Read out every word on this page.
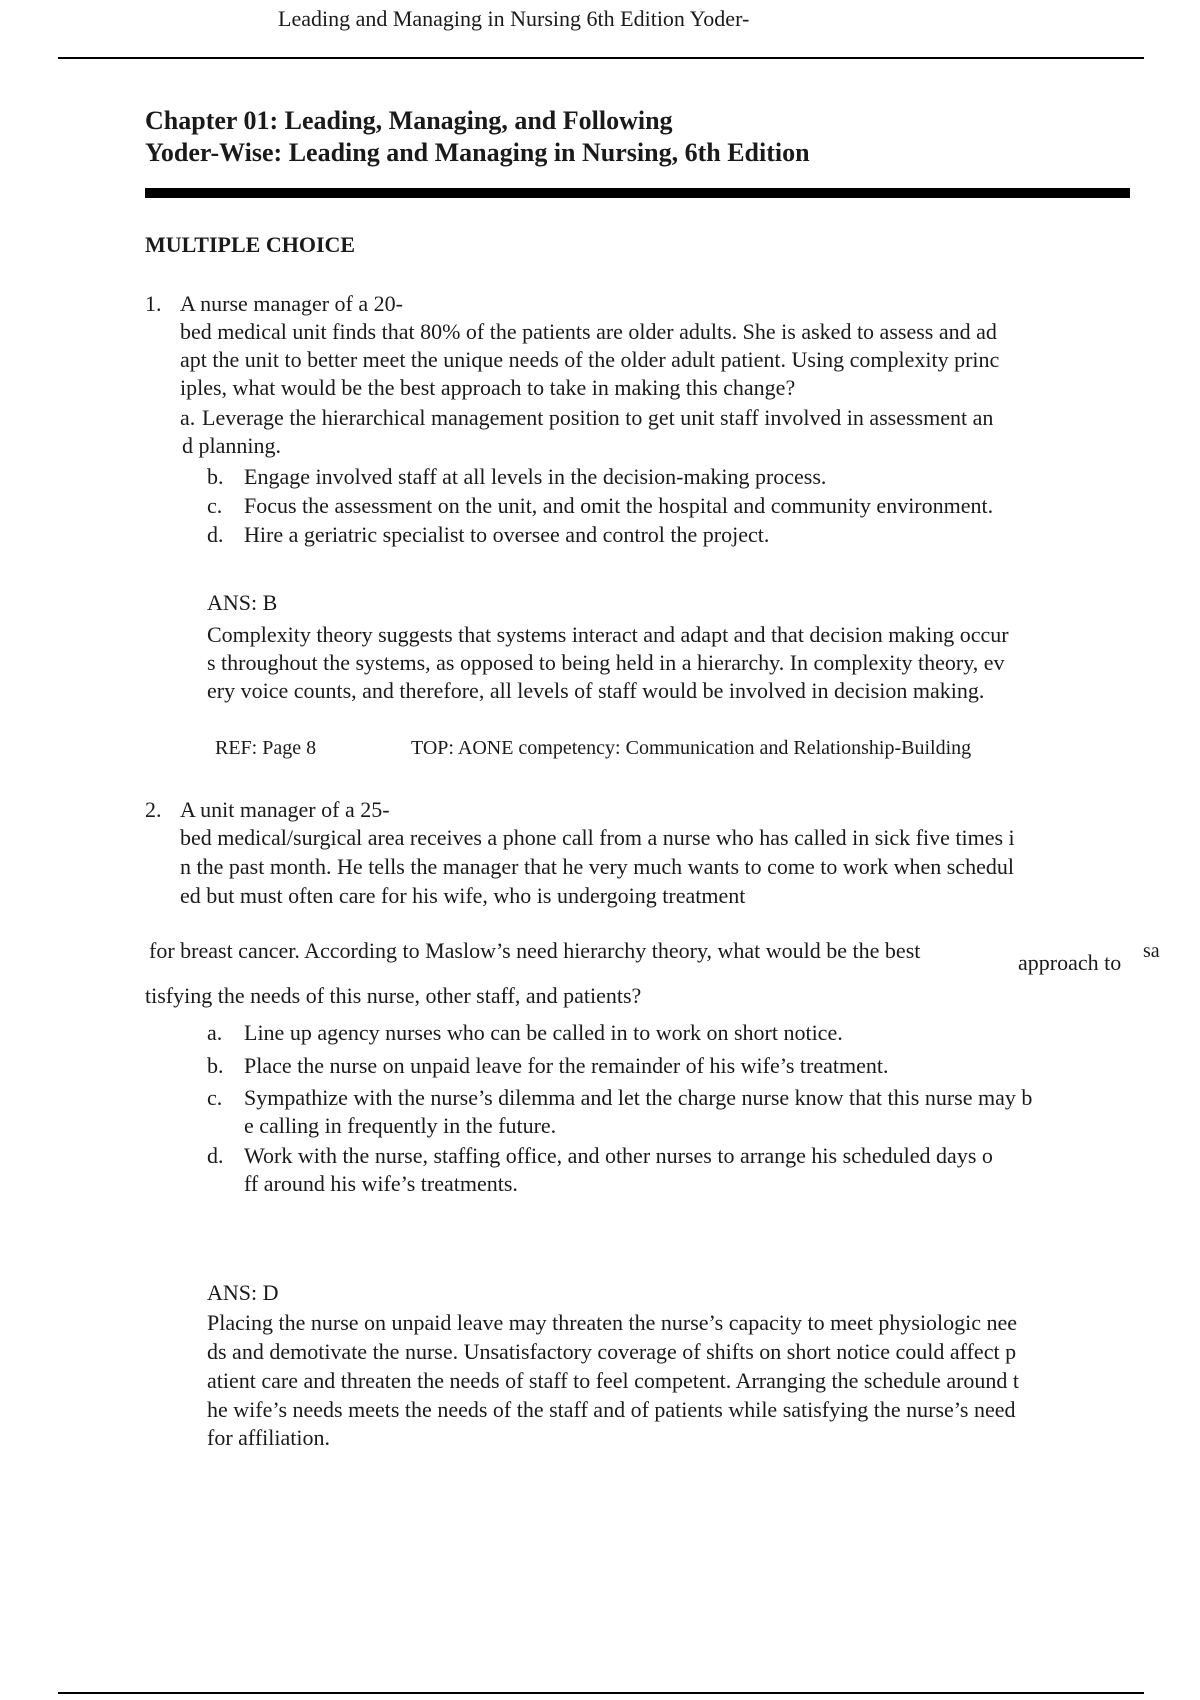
Leading and Managing in Nursing 6th Edition Yoder-
Chapter 01: Leading, Managing, and Following
Yoder-Wise: Leading and Managing in Nursing, 6th Edition
MULTIPLE CHOICE
1. A nurse manager of a 20-
bed medical unit finds that 80% of the patients are older adults. She is asked to assess and ad
apt the unit to better meet the unique needs of the older adult patient. Using complexity princ
iples, what would be the best approach to take in making this change?
a. Leverage the hierarchical management position to get unit staff involved in assessment an
d planning.
b. Engage involved staff at all levels in the decision-making process.
c. Focus the assessment on the unit, and omit the hospital and community environment.
d. Hire a geriatric specialist to oversee and control the project.
ANS: B
Complexity theory suggests that systems interact and adapt and that decision making occur
s throughout the systems, as opposed to being held in a hierarchy. In complexity theory, ev
ery voice counts, and therefore, all levels of staff would be involved in decision making.
REF: Page 8	TOP: AONE competency: Communication and Relationship-Building
2. A unit manager of a 25-
bed medical/surgical area receives a phone call from a nurse who has called in sick five times i
n the past month. He tells the manager that he very much wants to come to work when schedul
ed but must often care for his wife, who is undergoing treatment
for breast cancer. According to Maslow’s need hierarchy theory, what would be the best	approach to sa
tisfying the needs of this nurse, other staff, and patients?
a. Line up agency nurses who can be called in to work on short notice.
b. Place the nurse on unpaid leave for the remainder of his wife’s treatment.
c. Sympathize with the nurse’s dilemma and let the charge nurse know that this nurse may b
e calling in frequently in the future.
d. Work with the nurse, staffing office, and other nurses to arrange his scheduled days o
ff around his wife’s treatments.
ANS: D
Placing the nurse on unpaid leave may threaten the nurse’s capacity to meet physiologic nee
ds and demotivate the nurse. Unsatisfactory coverage of shifts on short notice could affect p
atient care and threaten the needs of staff to feel competent. Arranging the schedule around t
he wife’s needs meets the needs of the staff and of patients while satisfying the nurse’s need
for affiliation.
